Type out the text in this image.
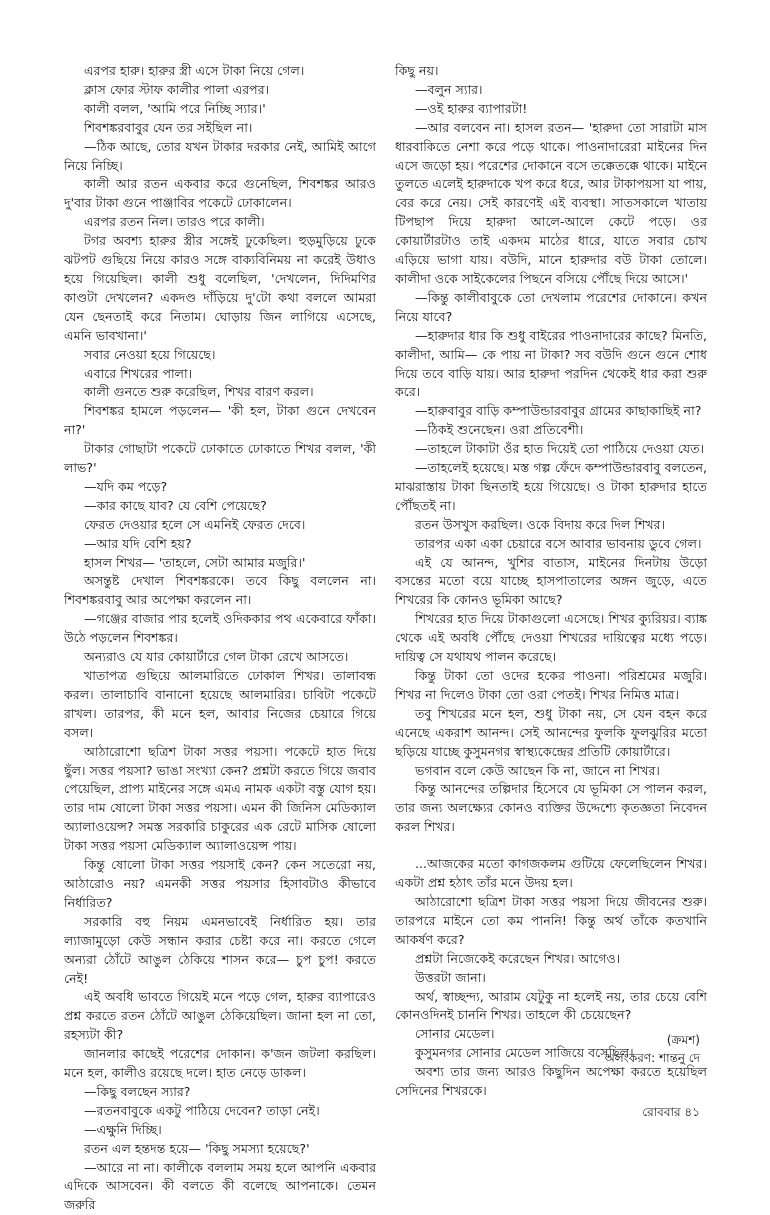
এরপর হারু। হারুর স্ত্রী এসে টাকা নিয়ে গেল।

ক্লাস ফোর স্টাফ কালীর পালা এরপর।

কালী বলল, 'আমি পরে নিচ্ছি স্যার।'

শিবশঙ্করবাবুর যেন তর সইছিল না।

—ঠিক আছে, তোর যখন টাকার দরকার নেই, আমিই আগে নিয়ে নিচ্ছি।

কালী আর রতন একবার করে গুনেছিল, শিবশঙ্কর আরও দু'বার টাকা গুনে পাঞ্জাবির পকেটে ঢোকালেন।

এরপর রতন নিল। তারও পরে কালী।

টগর অবশ্য হারুর স্ত্রীর সঙ্গেই ঢুকেছিল। হুড়মুড়িয়ে ঢুকে ঝটপট গুছিয়ে নিয়ে কারও সঙ্গে বাক্যবিনিময় না করেই উধাও হয়ে গিয়েছিল। কালী শুধু বলেছিল, 'দেখলেন, দিদিমণির কাণ্ডটা দেখলেন? একদণ্ড দাঁড়িয়ে দু'টো কথা বললে আমরা যেন ছেনতাই করে নিতাম। ঘোড়ায় জিন লাগিয়ে এসেছে, এমনি ভাবখানা।'

সবার নেওয়া হয়ে গিয়েছে।

এবারে শিখরের পালা।

কালী গুনতে শুরু করেছিল, শিখর বারণ করল।

শিবশঙ্কর হামলে পড়লেন— 'কী হল, টাকা গুনে দেখবেন না?'

টাকার গোছাটা পকেটে ঢোকাতে ঢোকাতে শিখর বলল, 'কী লাভ?'

—যদি কম পড়ে?

—কার কাছে যাব? যে বেশি পেয়েছে?

ফেরত দেওয়ার হলে সে এমনিই ফেরত দেবে।

—আর যদি বেশি হয়?

হাসল শিখর— 'তাহলে, সেটা আমার মজুরি।'

অসন্তুষ্ট দেখাল শিবশঙ্করকে। তবে কিছু বললেন না। শিবশঙ্করবাবু আর অপেক্ষা করলেন না।

—গঞ্জের বাজার পার হলেই ওদিককার পথ একেবারে ফাঁকা। উঠে পড়লেন শিবশঙ্কর।

অন্যরাও যে যার কোয়ার্টারে গেল টাকা রেখে আসতে।

খাতাপত্র গুছিয়ে আলমারিতে ঢোকাল শিখর। তালাবন্ধ করল। তালাচাবি বানানো হয়েছে আলমারির। চাবিটা পকেটে রাখল। তারপর, কী মনে হল, আবার নিজের চেয়ারে গিয়ে বসল।

আঠারোশো ছত্রিশ টাকা সত্তর পয়সা। পকেটে হাত দিয়ে ছুঁল। সত্তর পয়সা? ভাঙা সংখ্যা কেন? প্রশ্নটা করতে গিয়ে জবাব পেয়েছিল, প্রাপ্য মাইনের সঙ্গে এমএ নামক একটা বস্তু যোগ হয়। তার দাম ষোলো টাকা সত্তর পয়সা। এমন কী জিনিস মেডিক্যাল অ্যালাওয়েন্স? সমস্ত সরকারি চাকুরের এক রেটে মাসিক ষোলো টাকা সত্তর পয়সা মেডিক্যাল অ্যালাওয়েন্স পায়।

কিন্তু ষোলো টাকা সত্তর পয়সাই কেন? কেন সতেরো নয়, আঠারোও নয়? এমনকী সত্তর পয়সার হিসাবটাও কীভাবে নির্ধারিত?

সরকারি বহু নিয়ম এমনভাবেই নির্ধারিত হয়। তার ল্যাজামুড়ো কেউ সন্ধান করার চেষ্টা করে না। করতে গেলে অন্যরা ঠোঁটে আঙুল ঠেকিয়ে শাসন করে— চুপ চুপ! করতে নেই!

এই অবধি ভাবতে গিয়েই মনে পড়ে গেল, হারুর ব্যাপারেও প্রশ্ন করতে রতন ঠোঁটে আঙুল ঠেকিয়েছিল। জানা হল না তো, রহস্যটা কী?

জানলার কাছেই পরেশের দোকান। ক'জন জটলা করছিল। মনে হল, কালীও রয়েছে দলে। হাত নেড়ে ডাকল।

—কিছু বলছেন স্যার?

—রতনবাবুকে একটু পাঠিয়ে দেবেন? তাড়া নেই।

—এক্ষুনি দিচ্ছি।

রতন এল হন্তদন্ত হয়ে— 'কিছু সমস্যা হয়েছে?'

—আরে না না। কালীকে বললাম সময় হলে আপনি একবার এদিকে আসবেন। কী বলতে কী বলেছে আপনাকে। তেমন জরুরি

কিছু নয়।

—বলুন স্যার।

—ওই হারুর ব্যাপারটা!

—আর বলবেন না। হাসল রতন— 'হারুদা তো সারাটা মাস ধারবাকিতে নেশা করে পড়ে থাকে। পাওনাদারেরা মাইনের দিন এসে জড়ো হয়। পরেশের দোকানে বসে তক্কেতক্কে থাকে। মাইনে তুলতে এলেই হারুদাকে খপ করে ধরে, আর টাকাপয়সা যা পায়, বের করে নেয়। সেই কারণেই এই ব্যবস্থা। সাতসকালে খাতায় টিপছাপ দিয়ে হারুদা আলে-আলে কেটে পড়ে। ওর কোয়ার্টারটাও তাই একদম মাঠের ধারে, যাতে সবার চোখ এড়িয়ে ভাগা যায়। বউদি, মানে হারুদার বউ টাকা তোলে। কালীদা ওকে সাইকেলের পিছনে বসিয়ে পৌঁছে দিয়ে আসে।'

—কিন্তু কালীবাবুকে তো দেখলাম পরেশের দোকানে। কখন নিয়ে যাবে?

—হারুদার ধার কি শুধু বাইরের পাওনাদারের কাছে? মিনতি, কালীদা, আমি— কে পায় না টাকা? সব বউদি গুনে গুনে শোধ দিয়ে তবে বাড়ি যায়। আর হারুদা পরদিন থেকেই ধার করা শুরু করে।

—হারুবাবুর বাড়ি কম্পাউন্ডারবাবুর গ্রামের কাছাকাছিই না?

—ঠিকই শুনেছেন। ওরা প্রতিবেশী।

—তাহলে টাকাটা ওঁর হাত দিয়েই তো পাঠিয়ে দেওয়া যেত।

—তাহলেই হয়েছে। মস্ত গল্প ফেঁদে কম্পাউন্ডারবাবু বলতেন, মাঝরাস্তায় টাকা ছিনতাই হয়ে গিয়েছে। ও টাকা হারুদার হাতে পৌঁছতই না।

রতন উসখুস করছিল। ওকে বিদায় করে দিল শিখর।

তারপর একা একা চেয়ারে বসে আবার ভাবনায় ডুবে গেল।

এই যে আনন্দ, খুশির বাতাস, মাইনের দিনটায় উড়ো বসন্তের মতো বয়ে যাচ্ছে হাসপাতালের অঙ্গন জুড়ে, এতে শিখরের কি কোনও ভূমিকা আছে?

শিখরের হাত দিয়ে টাকাগুলো এসেছে। শিখর ক্যুরিয়র। ব্যাঙ্ক থেকে এই অবধি পৌঁছে দেওয়া শিখরের দায়িত্বের মধ্যে পড়ে। দায়িত্ব সে যথাযথ পালন করেছে।

কিন্তু টাকা তো ওদের হকের পাওনা। পরিশ্রমের মজুরি। শিখর না দিলেও টাকা তো ওরা পেতই। শিখর নিমিত্ত মাত্র।

তবু শিখরের মনে হল, শুধু টাকা নয়, সে যেন বহন করে এনেছে একরাশ আনন্দ। সেই আনন্দের ফুলকি ফুলঝুরির মতো ছড়িয়ে যাচ্ছে কুসুমনগর স্বাস্থ্যকেন্দ্রের প্রতিটি কোয়ার্টারে।

ভগবান বলে কেউ আছেন কি না, জানে না শিখর।

কিন্তু আনন্দের তল্পিদার হিসেবে যে ভূমিকা সে পালন করল, তার জন্য অলক্ষ্যের কোনও ব্যক্তির উদ্দেশ্যে কৃতজ্ঞতা নিবেদন করল শিখর।

...আজকের মতো কাগজকলম গুটিয়ে ফেলেছিলেন শিখর। একটা প্রশ্ন হঠাৎ তাঁর মনে উদয় হল।

আঠারোশো ছত্রিশ টাকা সত্তর পয়সা দিয়ে জীবনের শুরু। তারপরে মাইনে তো কম পাননি! কিন্তু অর্থ তাঁকে কতখানি আকর্ষণ করে?

প্রশ্নটা নিজেকেই করেছেন শিখর। আগেও।

উত্তরটা জানা।

অর্থ, স্বাচ্ছন্দ্য, আরাম যেটুকু না হলেই নয়, তার চেয়ে বেশি কোনওদিনই চাননি শিখর। তাহলে কী চেয়েছেন?

সোনার মেডেল।

কুসুমনগর সোনার মেডেল সাজিয়ে বসেছিল।

অবশ্য তার জন্য আরও কিছুদিন অপেক্ষা করতে হয়েছিল সেদিনের শিখরকে।

(ক্রমশ)
অলংকরণ: শান্তনু দে
রোববার ৪১
